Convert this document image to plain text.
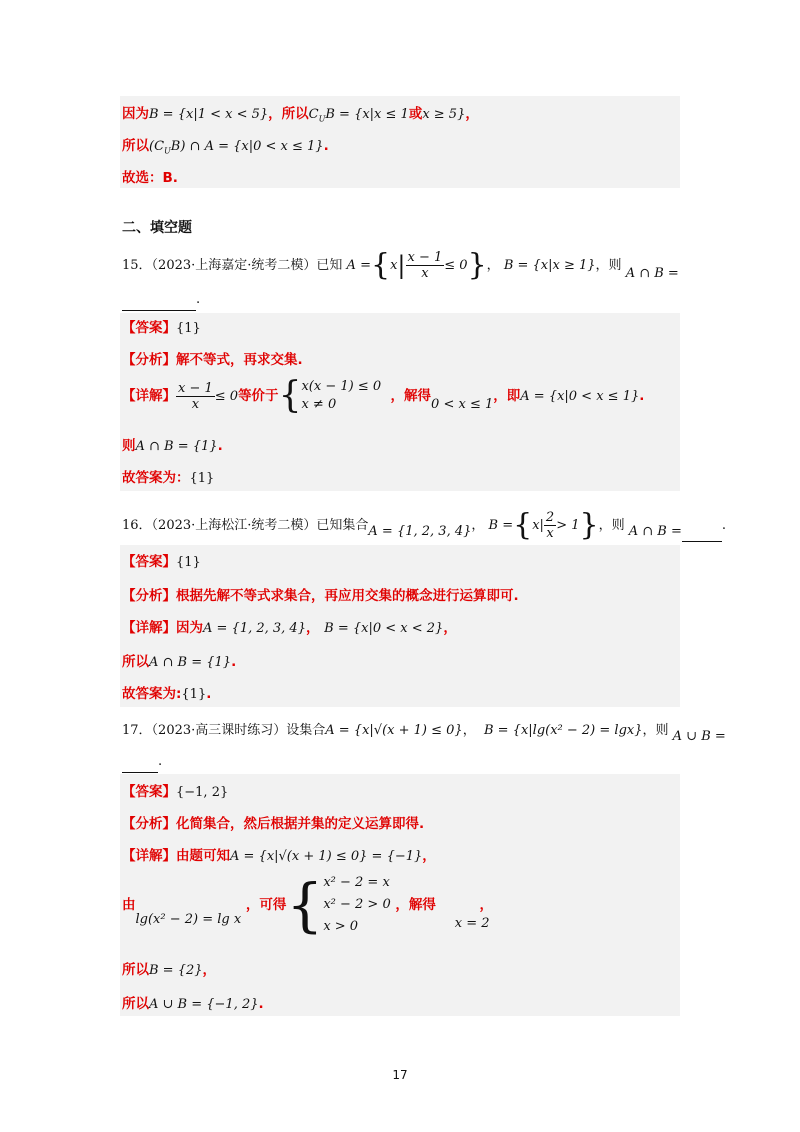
因为B = {x|1 < x < 5}，所以$C_UB = \{x|x \le 1$或x ≥ 5}，
所以$(C_UB)$ ∩ A = {x|0 < x ≤ 1}.
故选：B.
二、填空题
15．（2023·上海嘉定·统考二模）已知 $A =\{x| \frac{x - 1}{x} \le 0\}$， B = {x|x ≥ 1}，则 A ∩ B =
.
【答案】{1}
【分析】解不等式，再求交集.
【详解】 $\frac{x - 1}{x} \le 0$等价于{ x(x − 1) ≤ 0
x ≠ 0
，解得0 < x ≤ 1，即A = {x|0 < x ≤ 1}.
则A ∩ B = {1}.
故答案为：{1}
16．（2023·上海松江·统考二模）已知集合A = {1, 2, 3, 4}， $B =\{x| \frac{2}{x} > 1\}$，则 A ∩ B =	.
【答案】{1}
【分析】根据先解不等式求集合，再应用交集的概念进行运算即可.
【详解】因为A = {1, 2, 3, 4}， B = {x|0 < x < 2}，
所以A ∩ B = {1}.
故答案为:{1}.
17．（2023·高三课时练习）设集合A = {x|√(x + 1) ≤ 0}， B = {x|lg(x² − 2) = lgx}，则 A ∪ B =
.
【答案】{−1, 2}
【分析】化简集合，然后根据并集的定义运算即得.
【详解】由题可知A = {x|√(x + 1) ≤ 0} = {−1}，
由lg(x² − 2) = lg x ，可得{ x² − 2 = x
x² − 2 > 0
x > 0
，解得    x = 2，
所以B = {2}，
所以A ∪ B = {−1, 2}.
17
